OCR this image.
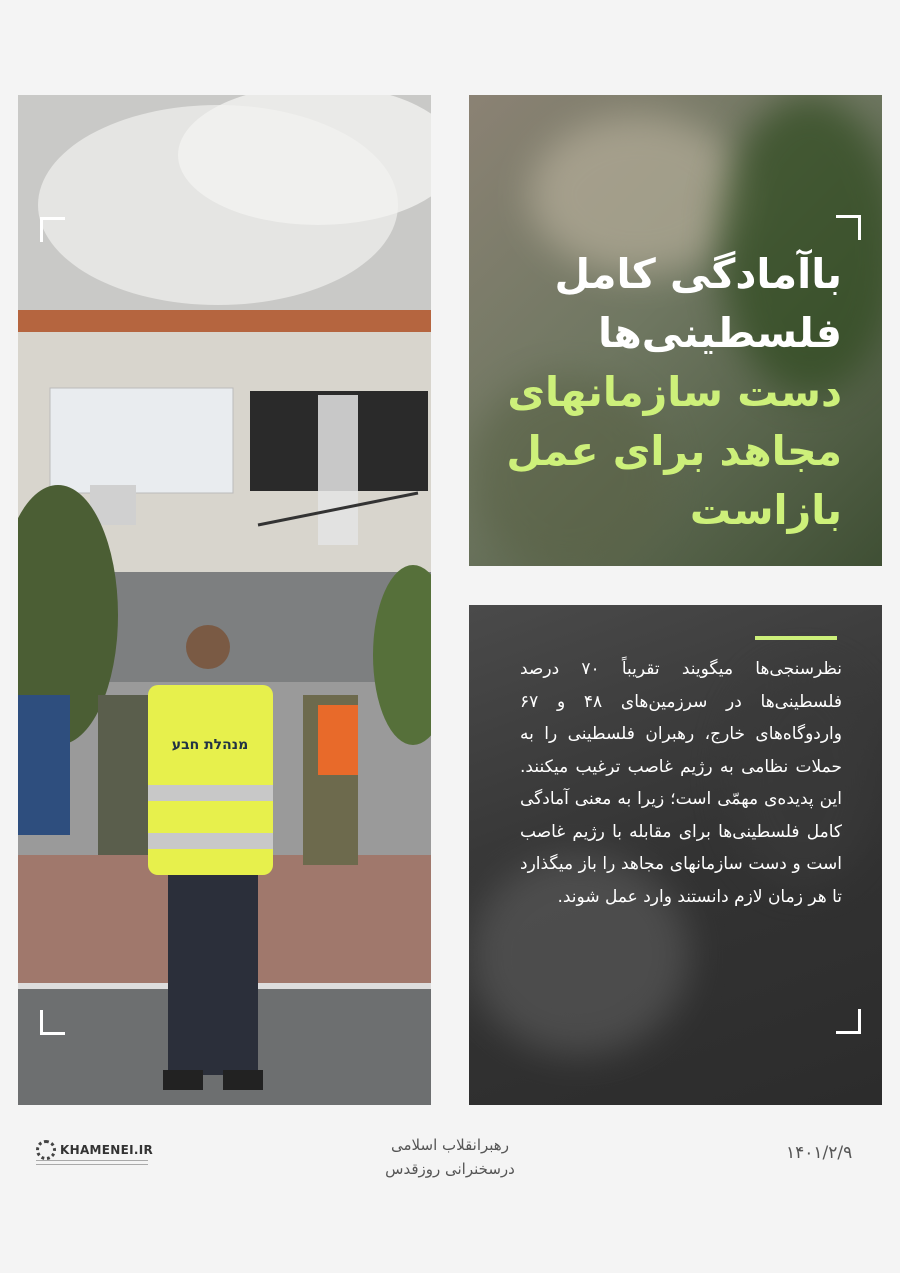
מנהלת חבע
باآمادگی کامل
فلسطینی‌ها
دست سازمانهای
مجاهد برای عمل
بازاست
نظرسنجی‌ها میگویند تقریباً ۷۰ درصد فلسطینی‌ها در سرزمین‌های ۴۸ و ۶۷ واردوگاه‌های خارج، رهبران فلسطینی را به حملات نظامی به رژیم غاصب ترغیب میکنند. این پدیده‌ی مهمّی است؛ زیرا به معنی آمادگی کامل فلسطینی‌ها برای مقابله با رژیم غاصب است و دست سازمانهای مجاهد را باز میگذارد تا هر زمان لازم دانستند وارد عمل شوند.
KHAMENEI.IR	رهبرانقلاب اسلامی
درسخنرانی روزقدس
۱۴۰۱/۲/۹
